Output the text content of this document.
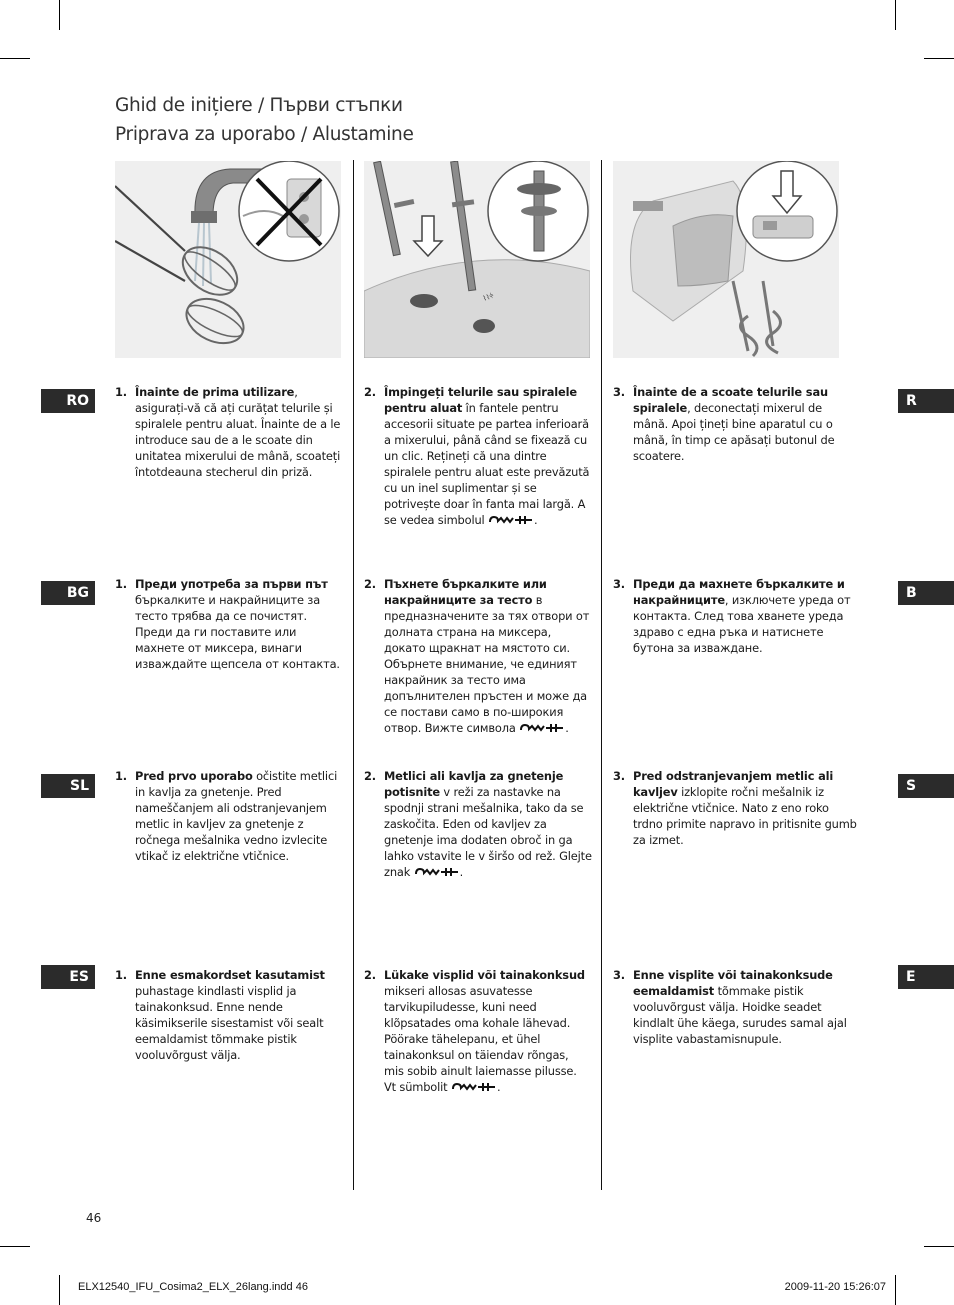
Ghid de inițiere / Първи стъпки
Priprava za uporabo / Alustamine
⌇⌇⫩
RO	R
1. Înainte de prima utilizare, asigurați-vă că ați curățat telurile și spiralele pentru aluat. Înainte de a le introduce sau de a le scoate din unitatea mixerului de mână, scoateți întotdeauna stecherul din priză.
2. Împingeți telurile sau spiralele pentru aluat în fantele pentru accesorii situate pe partea inferioară a mixerului, până când se fixează cu un clic. Rețineți că una dintre spiralele pentru aluat este prevăzută cu un inel suplimentar și se potrivește doar în fanta mai largă. A se vedea simbolul	.
3. Înainte de a scoate telurile sau spiralele, deconectați mixerul de mână. Apoi țineți bine aparatul cu o mână, în timp ce apăsați butonul de scoatere.
BG	B
1. Преди употреба за първи път бъркалките и накрайниците за тесто трябва да се почистят. Преди да ги поставите или махнете от миксера, винаги изваждайте щепсела от контакта.
2. Пъхнете бъркалките или накрайниците за тесто в предназначените за тях отвори от долната страна на миксера, докато щракнат на мястото си. Обърнете внимание, че единият накрайник за тесто има допълнителен пръстен и може да се постави само в по-широкия отвор. Вижте символа	.
3. Преди да махнете бъркалките и накрайниците, изключете уреда от контакта. След това хванете уреда здраво с една ръка и натиснете бутона за изваждане.
SL	S
1. Pred prvo uporabo očistite metlici in kavlja za gnetenje. Pred nameščanjem ali odstranjevanjem metlic in kavljev za gnetenje z ročnega mešalnika vedno izvlecite vtikač iz električne vtičnice.
2. Metlici ali kavlja za gnetenje potisnite v reži za nastavke na spodnji strani mešalnika, tako da se zaskočita. Eden od kavljev za gnetenje ima dodaten obroč in ga lahko vstavite le v širšo od rež. Glejte znak	.
3. Pred odstranjevanjem metlic ali kavljev izklopite ročni mešalnik iz električne vtičnice. Nato z eno roko trdno primite napravo in pritisnite gumb za izmet.
ES	E
1. Enne esmakordset kasutamist puhastage kindlasti visplid ja tainakonksud. Enne nende käsimikserile sisestamist või sealt eemaldamist tõmmake pistik vooluvõrgust välja.
2. Lükake visplid või tainakonksud mikseri allosas asuvatesse tarvikupiludesse, kuni need klõpsatades oma kohale lähevad. Pöörake tähelepanu, et ühel tainakonksul on täiendav rõngas, mis sobib ainult laiemasse pilusse. Vt sümbolit	.
3. Enne visplite või tainakonksude eemaldamist tõmmake pistik vooluvõrgust välja. Hoidke seadet kindlalt ühe käega, surudes samal ajal visplite vabastamisnupule.
46
ELX12540_IFU_Cosima2_ELX_26lang.indd 46	2009-11-20 15:26:07
